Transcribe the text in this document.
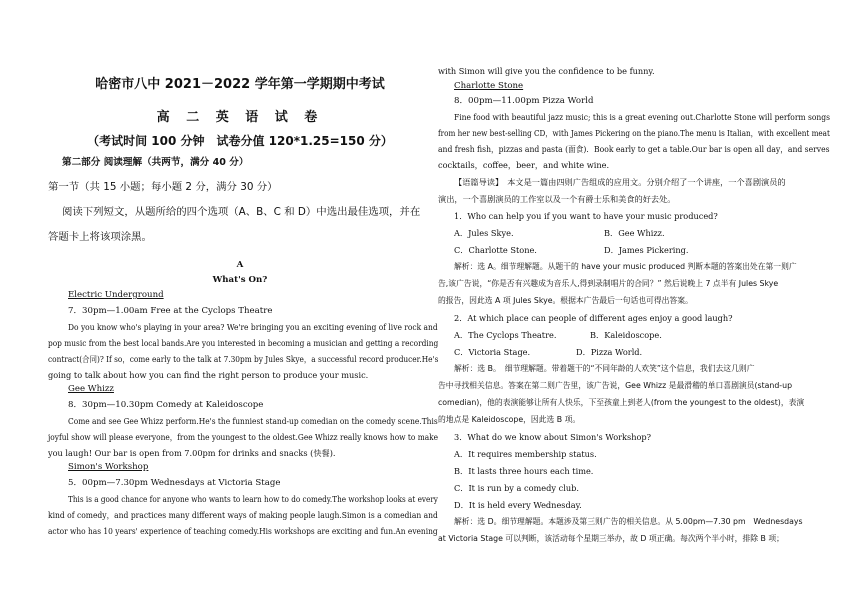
哈密市八中 2021－2022 学年第一学期期中考试
高 二 英 语 试 卷
（考试时间 100 分钟　试卷分值 120*1.25=150 分）
第二部分 阅读理解（共两节，满分 40 分）
第一节（共 15 小题；每小题 2 分，满分 30 分）
阅读下列短文，从题所给的四个选项（A、B、C 和 D）中选出最佳选项，并在
答题卡上将该项涂黑。
A
What's On?
Electric Underground
7．30pm—1.00am Free at the Cyclops Theatre
Do you know who's playing in your area? We're bringing you an exciting evening of live rock and
pop music from the best local bands.Are you interested in becoming a musician and getting a recording
contract(合同)? If so，come early to the talk at 7.30pm by Jules Skye，a successful record producer.He's
going to talk about how you can find the right person to produce your music.
Gee Whizz
8．30pm—10.30pm Comedy at Kaleidoscope
Come and see Gee Whizz perform.He's the funniest stand-up comedian on the comedy scene.This
joyful show will please everyone，from the youngest to the oldest.Gee Whizz really knows how to make
you laugh! Our bar is open from 7.00pm for drinks and snacks (快餐).
Simon's Workshop
5．00pm—7.30pm Wednesdays at Victoria Stage
This is a good chance for anyone who wants to learn how to do comedy.The workshop looks at every
kind of comedy，and practices many different ways of making people laugh.Simon is a comedian and
actor who has 10 years' experience of teaching comedy.His workshops are exciting and fun.An evening
with Simon will give you the confidence to be funny.
Charlotte Stone
8．00pm—11.00pm Pizza World
Fine food with beautiful jazz music; this is a great evening out.Charlotte Stone will perform songs
from her new best-selling CD，with James Pickering on the piano.The menu is Italian，with excellent meat
and fresh fish，pizzas and pasta (面食)．Book early to get a table.Our bar is open all day，and serves
cocktails，coffee，beer，and white wine.
【语篇导读】　本文是一篇由四则广告组成的应用文。分别介绍了一个讲座，一个喜剧演员的
演出，一个喜剧演员的工作室以及一个有爵士乐和美食的好去处。
1．Who can help you if you want to have your music produced?
A．Jules Skye.	B．Gee Whizz.
C．Charlotte Stone.	D．James Pickering.
解析：选 A。细节理解题。从题干的 have your music produced 判断本题的答案出处在第一则广
告,该广告说，“你是否有兴趣成为音乐人,得到录制唱片的合同？” 然后说晚上 7 点半有 Jules Skye
的报告，因此选 A 项 Jules Skye。根据本广告最后一句话也可得出答案。
2．At which place can people of different ages enjoy a good laugh?
A．The Cyclops Theatre.	B．Kaleidoscope.
C．Victoria Stage.	D．Pizza World.
解析：选 B。　细节理解题。带着题干的“不同年龄的人欢笑”这个信息，我们去这几则广
告中寻找相关信息。答案在第二则广告里，该广告说，Gee Whizz 是最滑稽的单口喜剧演员(stand-up
comedian)，他的表演能够让所有人快乐，下至孩童上到老人(from the youngest to the oldest)，表演
的地点是 Kaleidoscope，因此选 B 项。
3．What do we know about Simon's Workshop?
A．It requires membership status.
B．It lasts three hours each time.
C．It is run by a comedy club.
D．It is held every Wednesday.
解析：选 D。细节理解题。本题涉及第三则广告的相关信息。从 5.00pm—7.30 pm　Wednesdays
at Victoria Stage 可以判断，该活动每个星期三举办，故 D 项正确。每次两个半小时，排除 B 项；
